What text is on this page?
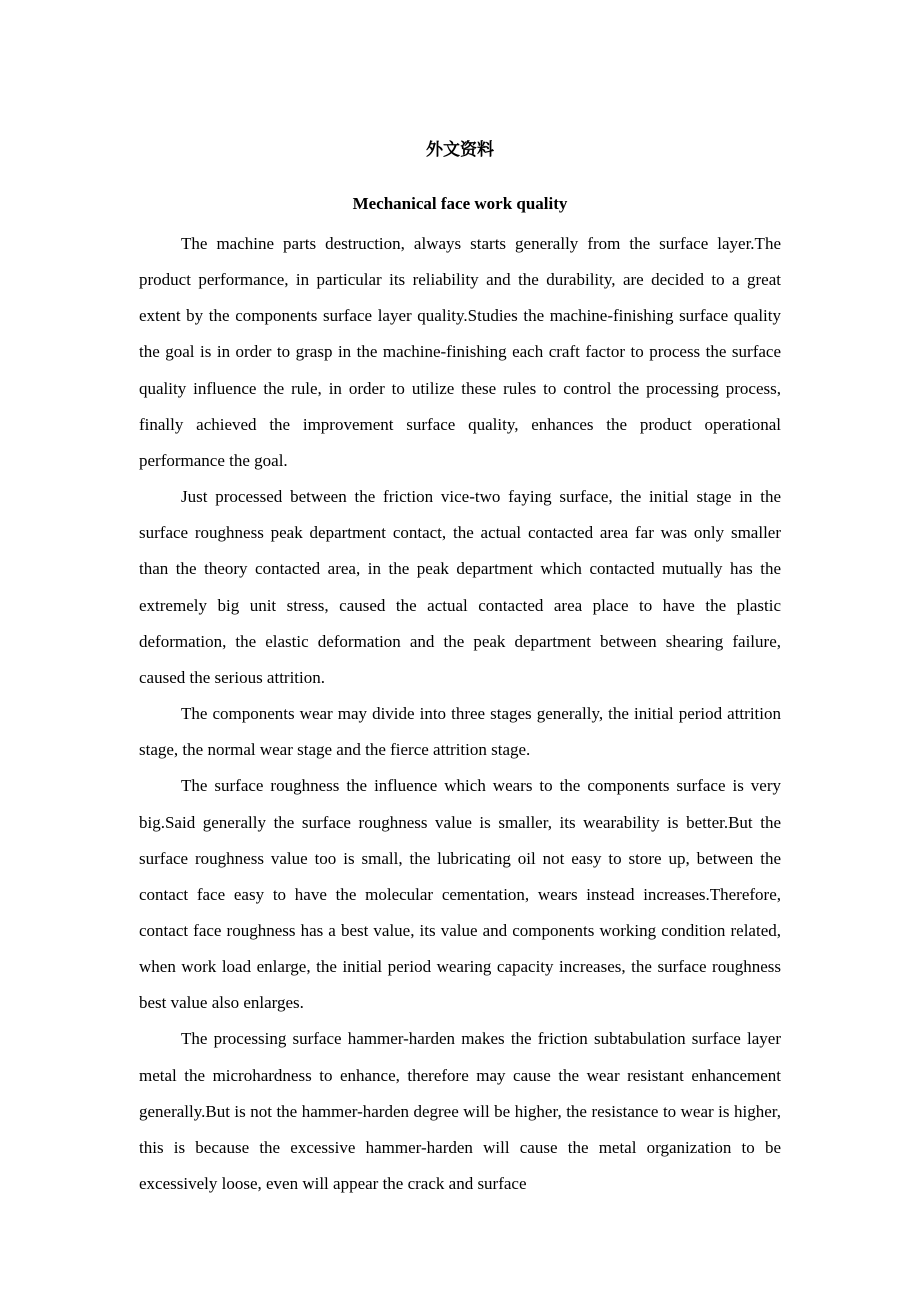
外文资料
Mechanical face work quality

The machine parts destruction, always starts generally from the surface layer.The product performance, in particular its reliability and the durability, are decided to a great extent by the components surface layer quality.Studies the machine-finishing surface quality the goal is in order to grasp in the machine-finishing each craft factor to process the surface quality influence the rule, in order to utilize these rules to control the processing process, finally achieved the improvement surface quality, enhances the product operational performance the goal.

Just processed between the friction vice-two faying surface, the initial stage in the surface roughness peak department contact, the actual contacted area far was only smaller than the theory contacted area, in the peak department which contacted mutually has the extremely big unit stress, caused the actual contacted area place to have the plastic deformation, the elastic deformation and the peak department between shearing failure, caused the serious attrition.

The components wear may divide into three stages generally, the initial period attrition stage, the normal wear stage and the fierce attrition stage.

The surface roughness the influence which wears to the components surface is very big.Said generally the surface roughness value is smaller, its wearability is better.But the surface roughness value too is small, the lubricating oil not easy to store up, between the contact face easy to have the molecular cementation, wears instead increases.Therefore, contact face roughness has a best value, its value and components working condition related, when work load enlarge, the initial period wearing capacity increases, the surface roughness best value also enlarges.

The processing surface hammer-harden makes the friction subtabulation surface layer metal the microhardness to enhance, therefore may cause the wear resistant enhancement generally.But is not the hammer-harden degree will be higher, the resistance to wear is higher, this is because the excessive hammer-harden will cause the metal organization to be excessively loose, even will appear the crack and surface
